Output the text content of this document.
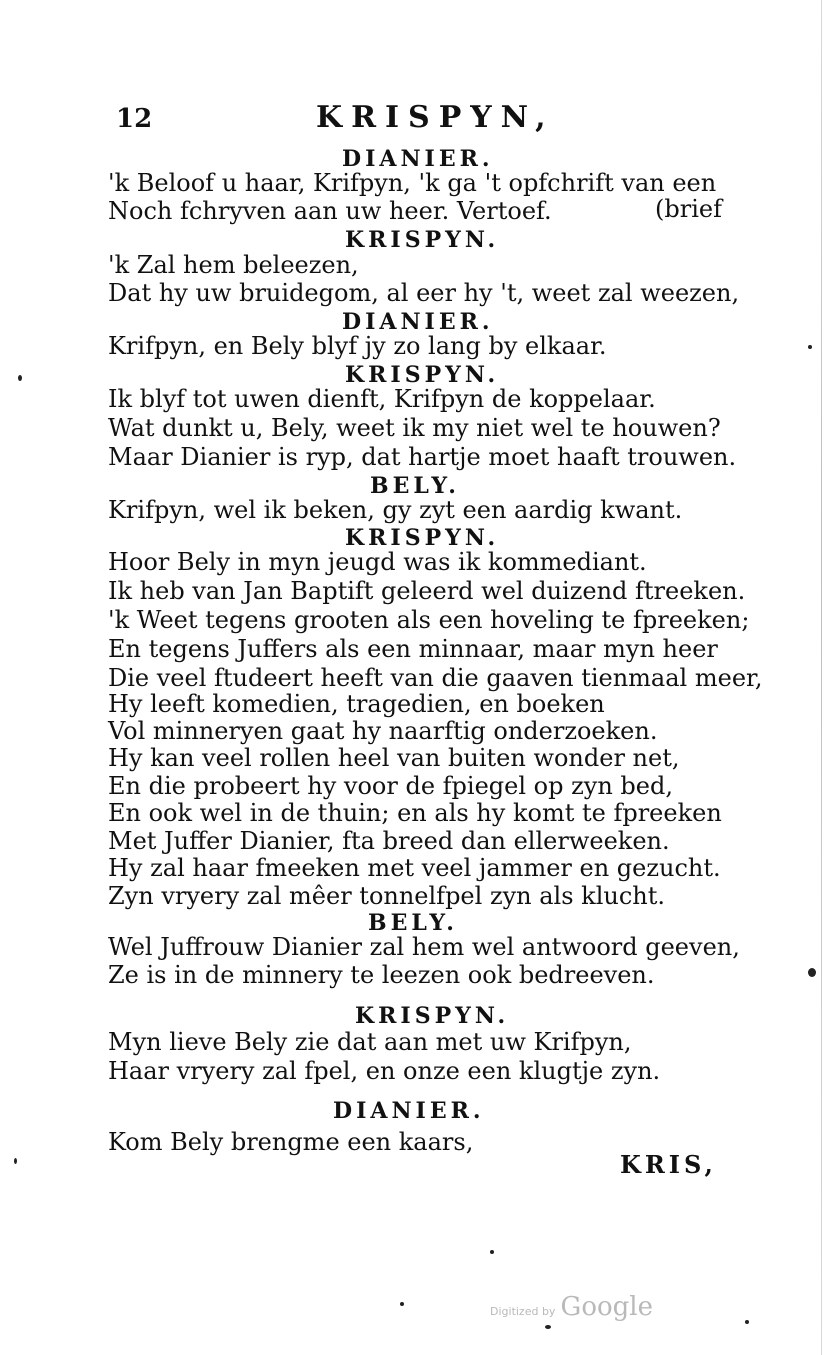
12	KRISPYN,
DIANIER.
'k Beloof u haar, Krifpyn, 'k ga 't opfchrift van een
Noch fchryven aan uw heer. Vertoef.	(brief
KRISPYN.
'k Zal hem beleezen,
Dat hy uw bruidegom, al eer hy 't, weet zal weezen,
DIANIER.
Krifpyn, en Bely blyf jy zo lang by elkaar.
KRISPYN.
Ik blyf tot uwen dienft, Krifpyn de koppelaar.
Wat dunkt u, Bely, weet ik my niet wel te houwen?
Maar Dianier is ryp, dat hartje moet haaft trouwen.
BELY.
Krifpyn, wel ik beken, gy zyt een aardig kwant.
KRISPYN.
Hoor Bely in myn jeugd was ik kommediant.
Ik heb van Jan Baptift geleerd wel duizend ftreeken.
'k Weet tegens grooten als een hoveling te fpreeken;
En tegens Juffers als een minnaar, maar myn heer
Die veel ftudeert heeft van die gaaven tienmaal meer,
Hy leeft komedien, tragedien, en boeken
Vol minneryen gaat hy naarftig onderzoeken.
Hy kan veel rollen heel van buiten wonder net,
En die probeert hy voor de fpiegel op zyn bed,
En ook wel in de thuin; en als hy komt te fpreeken
Met Juffer Dianier, fta breed dan ellerweeken.
Hy zal haar fmeeken met veel jammer en gezucht.
Zyn vryery zal mêer tonnelfpel zyn als klucht.
BELY.
Wel Juffrouw Dianier zal hem wel antwoord geeven,
Ze is in de minnery te leezen ook bedreeven.
KRISPYN.
Myn lieve Bely zie dat aan met uw Krifpyn,
Haar vryery zal fpel, en onze een klugtje zyn.
DIANIER.
Kom Bely brengme een kaars,
KRIS,
Digitized by Google
